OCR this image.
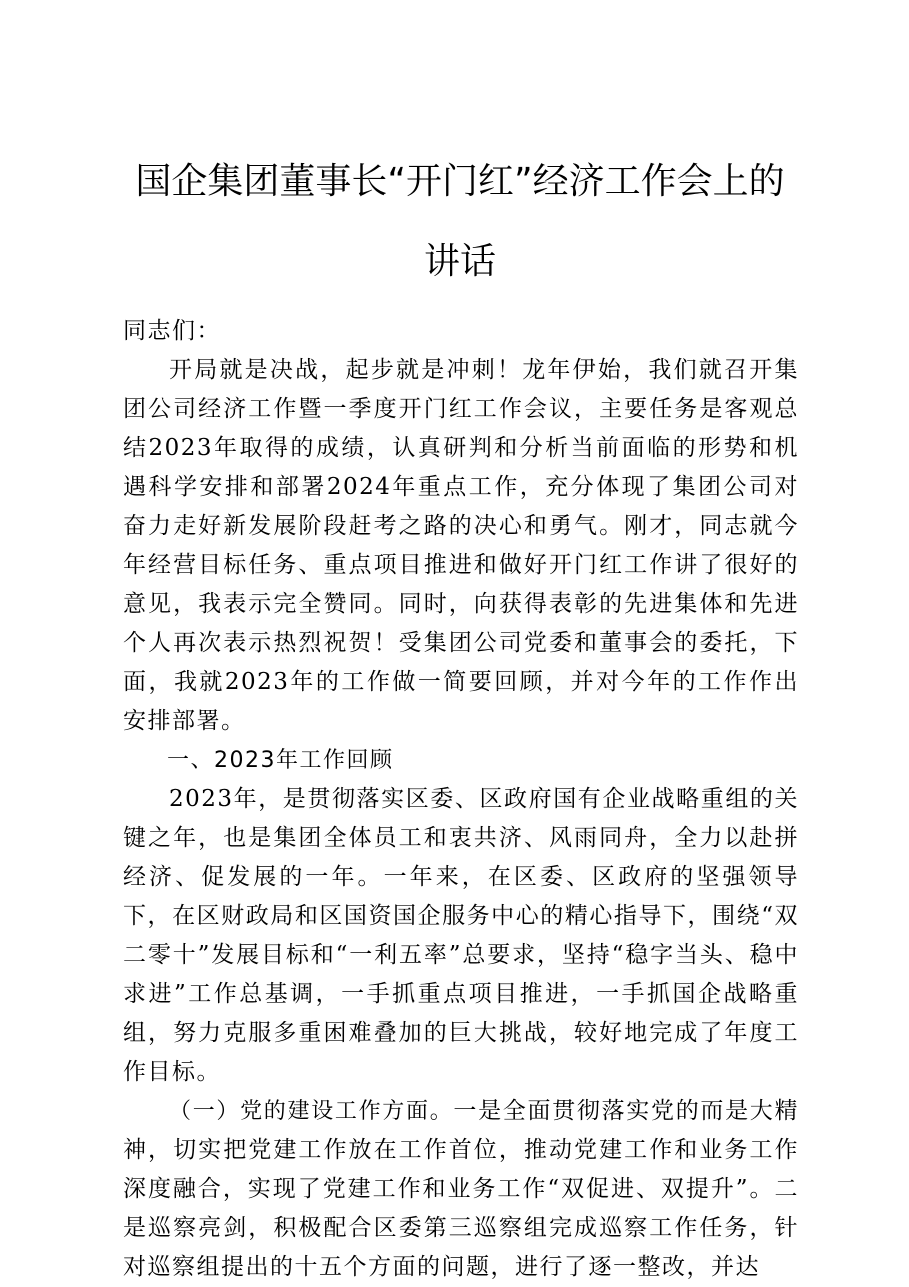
国企集团董事长“开门红”经济工作会上的讲话

同志们：

开局就是决战，起步就是冲刺！龙年伊始，我们就召开集团公司经济工作暨一季度开门红工作会议，主要任务是客观总结2023年取得的成绩，认真研判和分析当前面临的形势和机遇科学安排和部署2024年重点工作，充分体现了集团公司对奋力走好新发展阶段赶考之路的决心和勇气。刚才，同志就今年经营目标任务、重点项目推进和做好开门红工作讲了很好的意见，我表示完全赞同。同时，向获得表彰的先进集体和先进个人再次表示热烈祝贺！受集团公司党委和董事会的委托，下面，我就2023年的工作做一简要回顾，并对今年的工作作出安排部署。

一、2023年工作回顾

2023年，是贯彻落实区委、区政府国有企业战略重组的关键之年，也是集团全体员工和衷共济、风雨同舟，全力以赴拼经济、促发展的一年。一年来，在区委、区政府的坚强领导下，在区财政局和区国资国企服务中心的精心指导下，围绕“双二零十”发展目标和“一利五率”总要求，坚持“稳字当头、稳中求进”工作总基调，一手抓重点项目推进，一手抓国企战略重组，努力克服多重困难叠加的巨大挑战，较好地完成了年度工作目标。

（一）党的建设工作方面。一是全面贯彻落实党的而是大精神，切实把党建工作放在工作首位，推动党建工作和业务工作深度融合，实现了党建工作和业务工作“双促进、双提升”。二是巡察亮剑，积极配合区委第三巡察组完成巡察工作任务，针对巡察组提出的十五个方面的问题，进行了逐一整改，并达
